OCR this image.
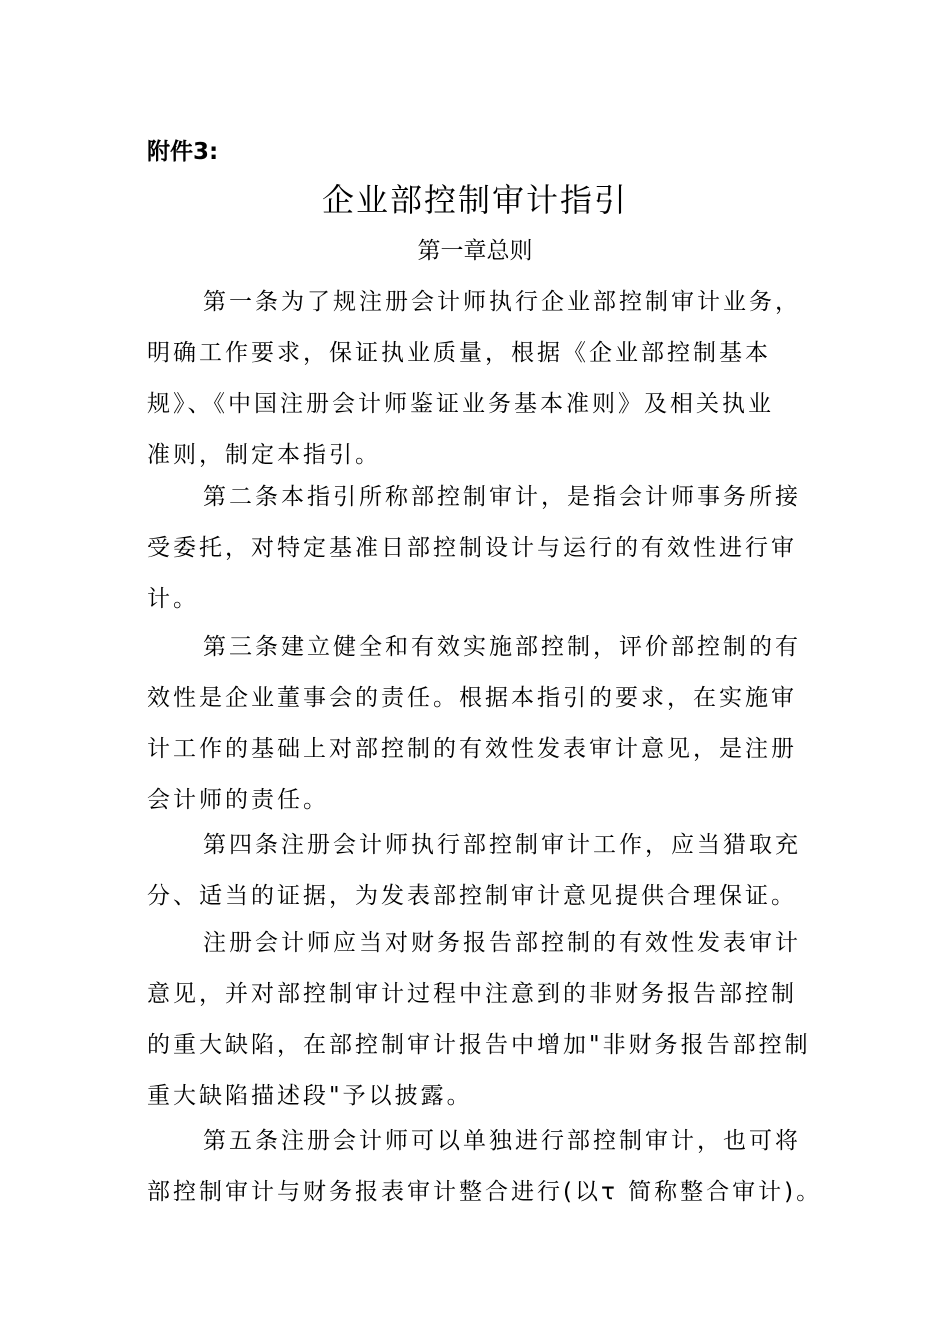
附件3:
企业部控制审计指引
第一章总则
第一条为了规注册会计师执行企业部控制审计业务，
明确工作要求，保证执业质量，根据《企业部控制基本
规》、《中国注册会计师鉴证业务基本准则》及相关执业
准则，制定本指引。
第二条本指引所称部控制审计，是指会计师事务所接
受委托，对特定基准日部控制设计与运行的有效性进行审
计。
第三条建立健全和有效实施部控制，评价部控制的有
效性是企业董事会的责任。根据本指引的要求，在实施审
计工作的基础上对部控制的有效性发表审计意见，是注册
会计师的责任。
第四条注册会计师执行部控制审计工作，应当猎取充
分、适当的证据，为发表部控制审计意见提供合理保证。
注册会计师应当对财务报告部控制的有效性发表审计
意见，并对部控制审计过程中注意到的非财务报告部控制
的重大缺陷，在部控制审计报告中增加"非财务报告部控制
重大缺陷描述段"予以披露。
第五条注册会计师可以单独进行部控制审计，也可将
部控制审计与财务报表审计整合进行(以τ 简称整合审计)。
